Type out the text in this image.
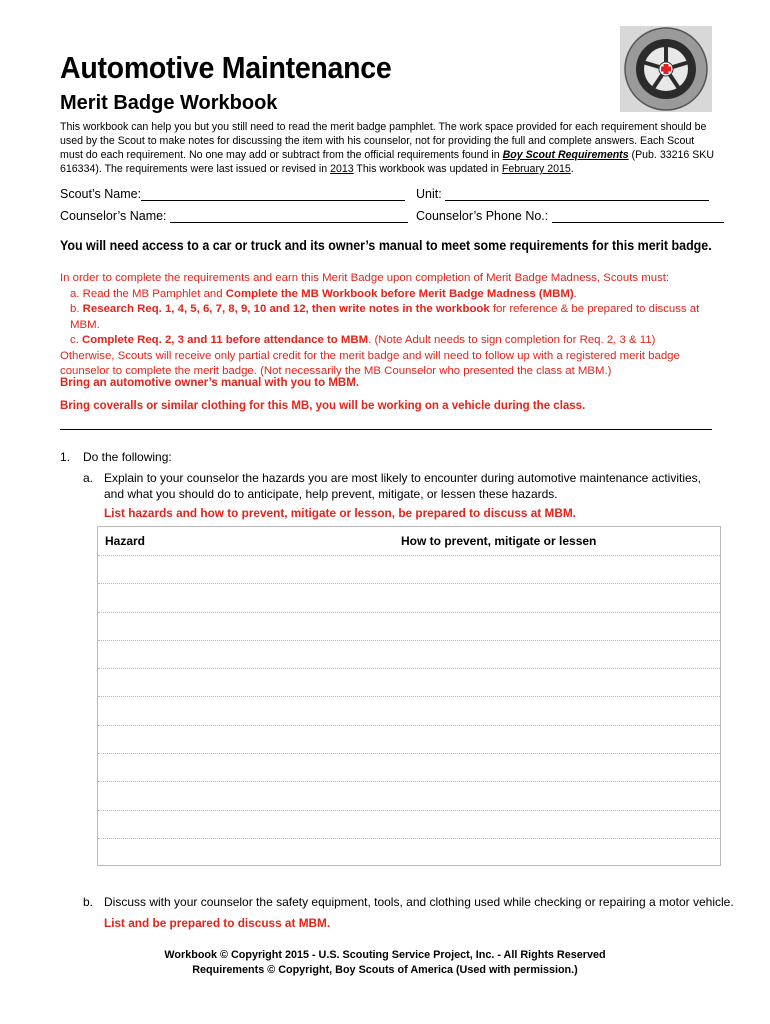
Automotive Maintenance
Merit Badge Workbook
This workbook can help you but you still need to read the merit badge pamphlet. The work space provided for each requirement should be used by the Scout to make notes for discussing the item with his counselor, not for providing the full and complete answers. Each Scout must do each requirement. No one may add or subtract from the official requirements found in Boy Scout Requirements (Pub. 33216 SKU 616334). The requirements were last issued or revised in 2013 This workbook was updated in February 2015.
Scout’s Name:	Unit:
Counselor’s Name:	Counselor’s Phone No.:
You will need access to a car or truck and its owner’s manual to meet some requirements for this merit badge.
In order to complete the requirements and earn this Merit Badge upon completion of Merit Badge Madness, Scouts must:
a. Read the MB Pamphlet and Complete the MB Workbook before Merit Badge Madness (MBM).
b. Research Req. 1, 4, 5, 6, 7, 8, 9, 10 and 12, then write notes in the workbook for reference & be prepared to discuss at MBM.
c. Complete Req. 2, 3 and 11 before attendance to MBM. (Note Adult needs to sign completion for Req. 2, 3 & 11)
Otherwise, Scouts will receive only partial credit for the merit badge and will need to follow up with a registered merit badge counselor to complete the merit badge. (Not necessarily the MB Counselor who presented the class at MBM.)
Bring an automotive owner’s manual with you to MBM.
Bring coveralls or similar clothing for this MB, you will be working on a vehicle during the class.
1. Do the following:
a. Explain to your counselor the hazards you are most likely to encounter during automotive maintenance activities, and what you should do to anticipate, help prevent, mitigate, or lessen these hazards.
List hazards and how to prevent, mitigate or lesson, be prepared to discuss at MBM.
Hazard	How to prevent, mitigate or lessen
b. Discuss with your counselor the safety equipment, tools, and clothing used while checking or repairing a motor vehicle.
List and be prepared to discuss at MBM.
Workbook © Copyright 2015 - U.S. Scouting Service Project, Inc. - All Rights Reserved
Requirements © Copyright, Boy Scouts of America (Used with permission.)
